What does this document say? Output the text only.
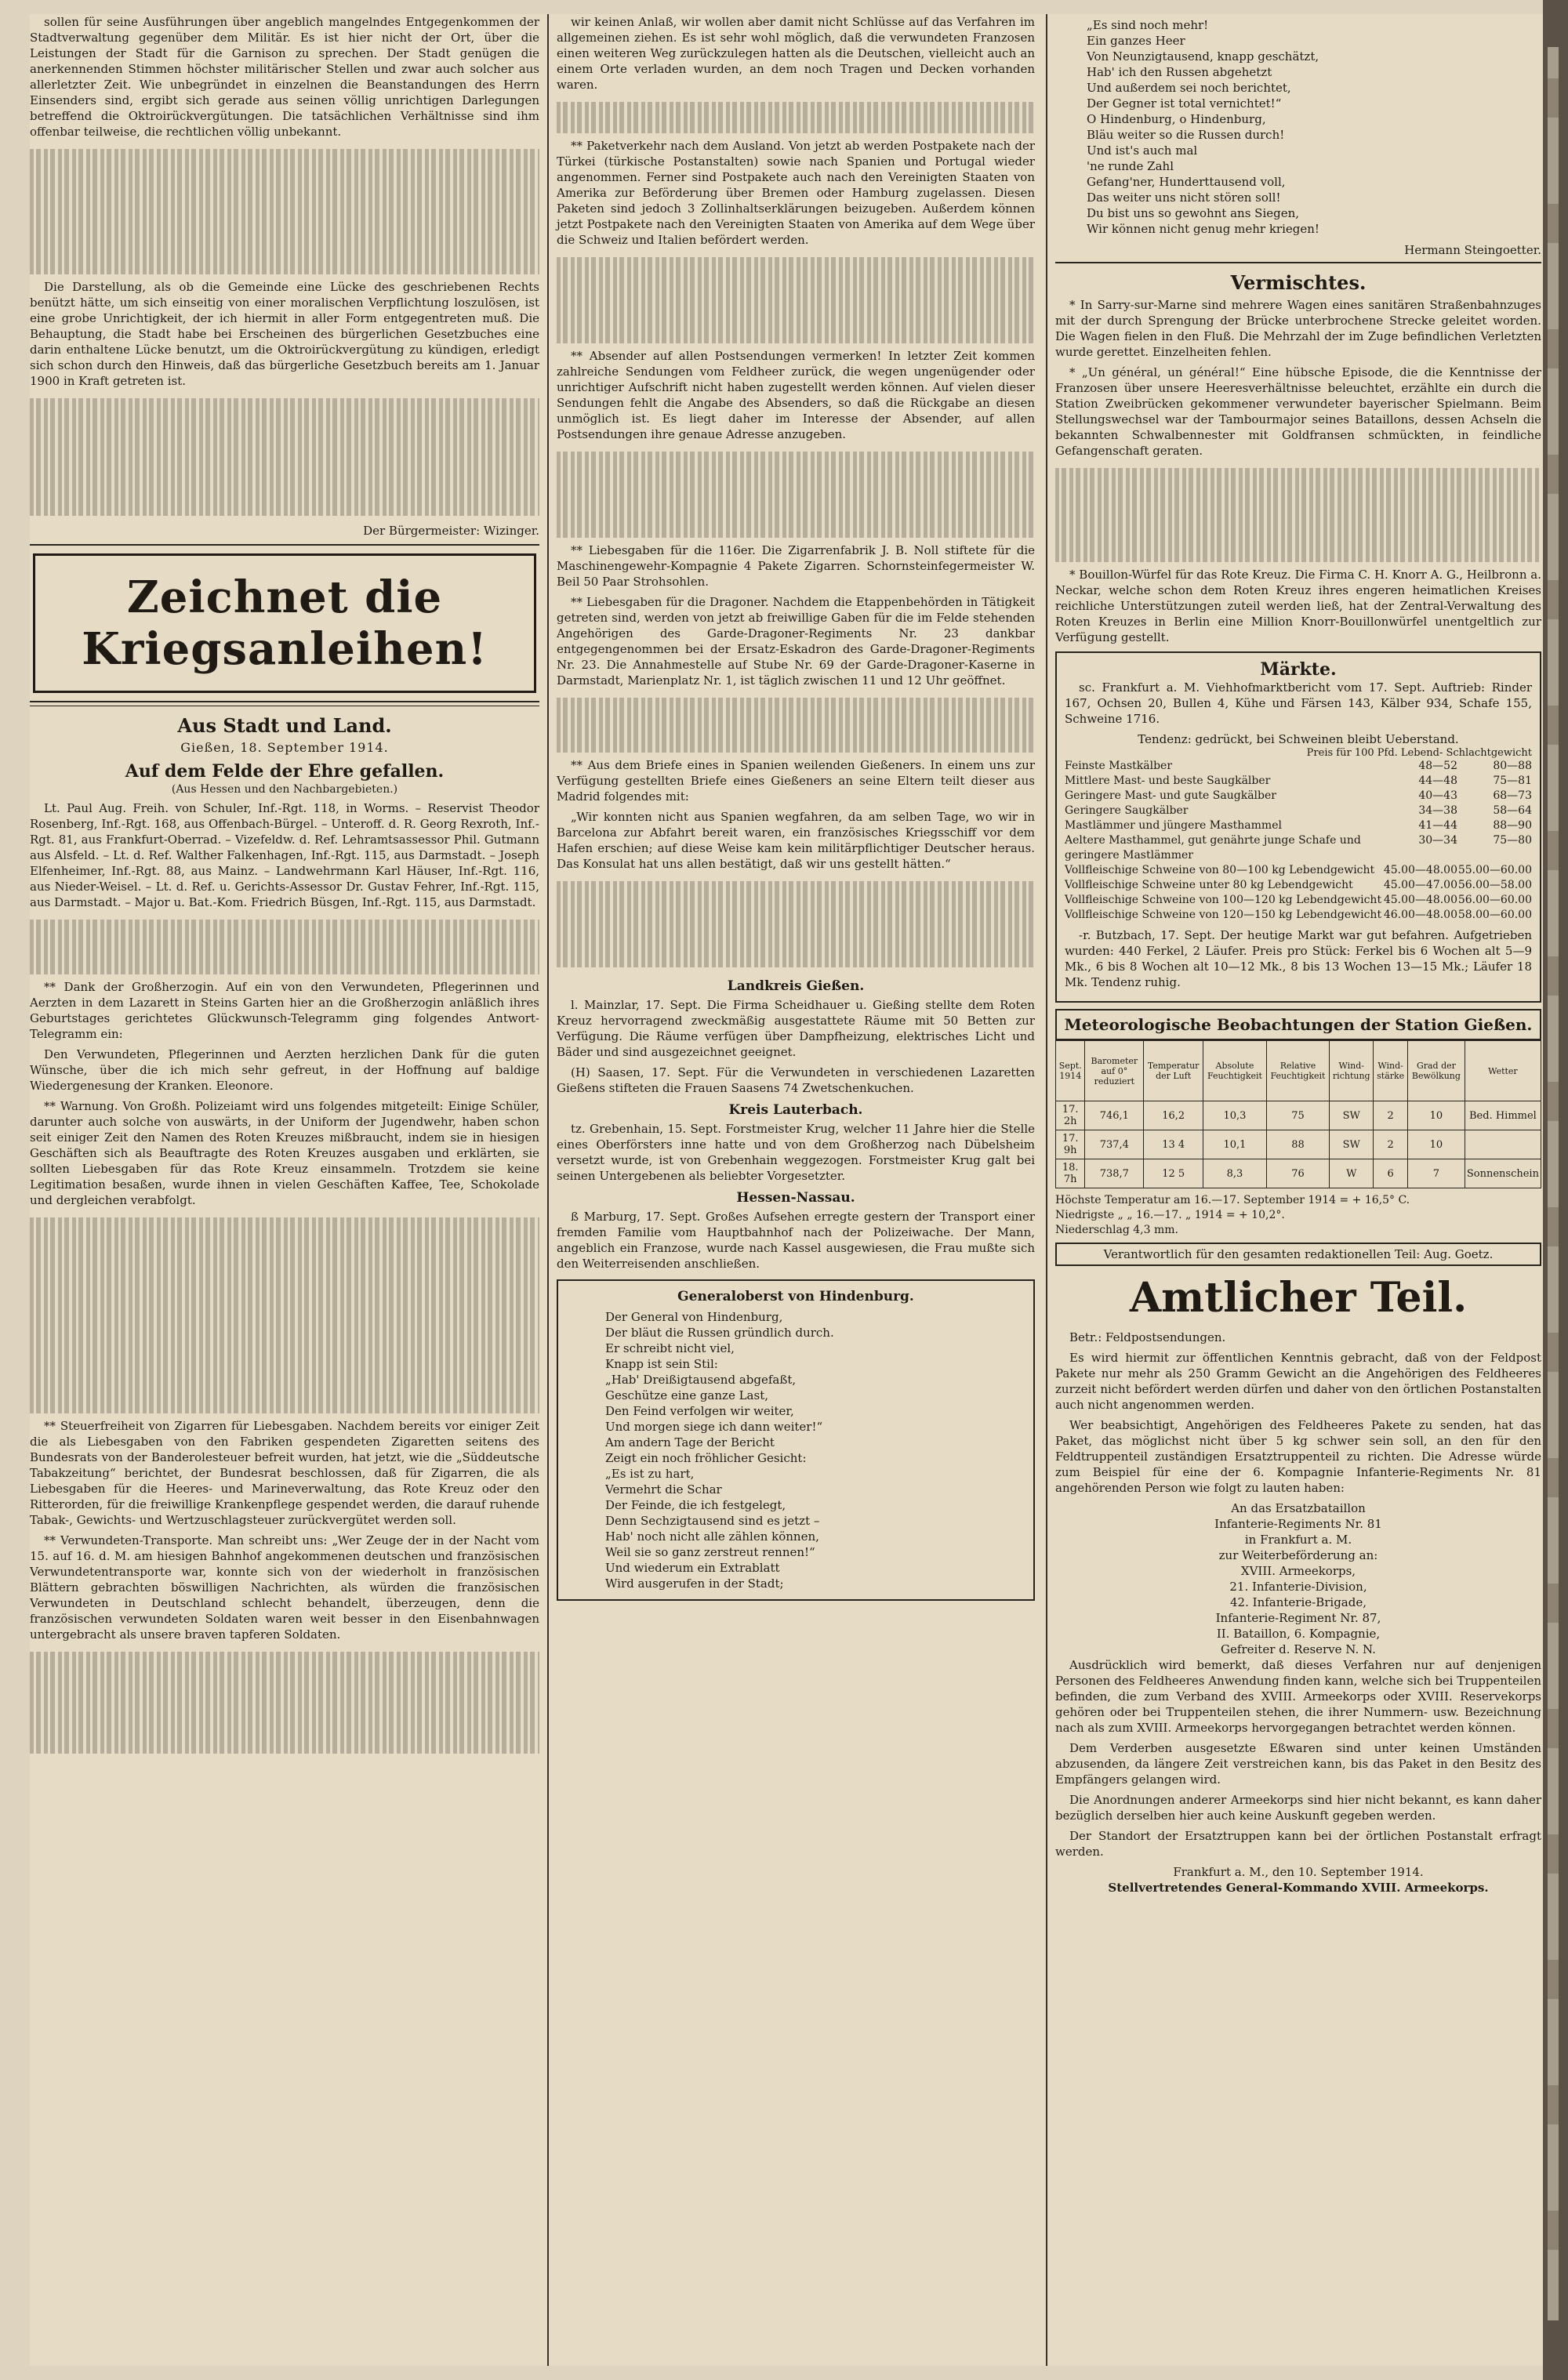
sollen für seine Ausführungen über angeblich mangelndes Entgegenkommen der Stadtverwaltung gegenüber dem Militär. Es ist hier nicht der Ort, über die Leistungen der Stadt für die Garnison zu sprechen. Der Stadt genügen die anerkennenden Stimmen höchster militärischer Stellen und zwar auch solcher aus allerletzter Zeit. Wie unbegründet in einzelnen die Beanstandungen des Herrn Einsenders sind, ergibt sich gerade aus seinen völlig unrichtigen Darlegungen betreffend die Oktroirückvergütungen. Die tatsächlichen Verhältnisse sind ihm offenbar teilweise, die rechtlichen völlig unbekannt.

Die Darstellung, als ob die Gemeinde eine Lücke des geschriebenen Rechts benützt hätte, um sich einseitig von einer moralischen Verpflichtung loszulösen, ist eine grobe Unrichtigkeit, der ich hiermit in aller Form entgegentreten muß. Die Behauptung, die Stadt habe bei Erscheinen des bürgerlichen Gesetzbuches eine darin enthaltene Lücke benutzt, um die Oktroirückvergütung zu kündigen, erledigt sich schon durch den Hinweis, daß das bürgerliche Gesetzbuch bereits am 1. Januar 1900 in Kraft getreten ist.

Der Bürgermeister: Wizinger.
Zeichnet die Kriegsanleihen!
Aus Stadt und Land.
Gießen, 18. September 1914.
Auf dem Felde der Ehre gefallen.
(Aus Hessen und den Nachbargebieten.)

Lt. Paul Aug. Freih. von Schuler, Inf.-Rgt. 118, in Worms. – Reservist Theodor Rosenberg, Inf.-Rgt. 168, aus Offenbach-Bürgel. – Unteroff. d. R. Georg Rexroth, Inf.-Rgt. 81, aus Frankfurt-Oberrad. – Vizefeldw. d. Ref. Lehramtsassessor Phil. Gutmann aus Alsfeld. – Lt. d. Ref. Walther Falkenhagen, Inf.-Rgt. 115, aus Darmstadt. – Joseph Elfenheimer, Inf.-Rgt. 88, aus Mainz. – Landwehrmann Karl Häuser, Inf.-Rgt. 116, aus Nieder-Weisel. – Lt. d. Ref. u. Gerichts-Assessor Dr. Gustav Fehrer, Inf.-Rgt. 115, aus Darmstadt. – Major u. Bat.-Kom. Friedrich Büsgen, Inf.-Rgt. 115, aus Darmstadt.

** Dank der Großherzogin. Auf ein von den Verwundeten, Pflegerinnen und Aerzten in dem Lazarett in Steins Garten hier an die Großherzogin anläßlich ihres Geburtstages gerichtetes Glückwunsch-Telegramm ging folgendes Antwort-Telegramm ein:

Den Verwundeten, Pflegerinnen und Aerzten herzlichen Dank für die guten Wünsche, über die ich mich sehr gefreut, in der Hoffnung auf baldige Wiedergenesung der Kranken. Eleonore.

** Warnung. Von Großh. Polizeiamt wird uns folgendes mitgeteilt: Einige Schüler, darunter auch solche von auswärts, in der Uniform der Jugendwehr, haben schon seit einiger Zeit den Namen des Roten Kreuzes mißbraucht, indem sie in hiesigen Geschäften sich als Beauftragte des Roten Kreuzes ausgaben und erklärten, sie sollten Liebesgaben für das Rote Kreuz einsammeln. Trotzdem sie keine Legitimation besaßen, wurde ihnen in vielen Geschäften Kaffee, Tee, Schokolade und dergleichen verabfolgt.

** Steuerfreiheit von Zigarren für Liebesgaben. Nachdem bereits vor einiger Zeit die als Liebesgaben von den Fabriken gespendeten Zigaretten seitens des Bundesrats von der Banderolesteuer befreit wurden, hat jetzt, wie die „Süddeutsche Tabakzeitung“ berichtet, der Bundesrat beschlossen, daß für Zigarren, die als Liebesgaben für die Heeres- und Marineverwaltung, das Rote Kreuz oder den Ritterorden, für die freiwillige Krankenpflege gespendet werden, die darauf ruhende Tabak-, Gewichts- und Wertzuschlagsteuer zurückvergütet werden soll.

** Verwundeten-Transporte. Man schreibt uns: „Wer Zeuge der in der Nacht vom 15. auf 16. d. M. am hiesigen Bahnhof angekommenen deutschen und französischen Verwundetentransporte war, konnte sich von der wiederholt in französischen Blättern gebrachten böswilligen Nachrichten, als würden die französischen Verwundeten in Deutschland schlecht behandelt, überzeugen, denn die französischen verwundeten Soldaten waren weit besser in den Eisenbahnwagen untergebracht als unsere braven tapferen Soldaten.

wir keinen Anlaß, wir wollen aber damit nicht Schlüsse auf das Verfahren im allgemeinen ziehen. Es ist sehr wohl möglich, daß die verwundeten Franzosen einen weiteren Weg zurückzulegen hatten als die Deutschen, vielleicht auch an einem Orte verladen wurden, an dem noch Tragen und Decken vorhanden waren.

** Paketverkehr nach dem Ausland. Von jetzt ab werden Postpakete nach der Türkei (türkische Postanstalten) sowie nach Spanien und Portugal wieder angenommen. Ferner sind Postpakete auch nach den Vereinigten Staaten von Amerika zur Beförderung über Bremen oder Hamburg zugelassen. Diesen Paketen sind jedoch 3 Zollinhaltserklärungen beizugeben. Außerdem können jetzt Postpakete nach den Vereinigten Staaten von Amerika auf dem Wege über die Schweiz und Italien befördert werden.

** Absender auf allen Postsendungen vermerken! In letzter Zeit kommen zahlreiche Sendungen vom Feldheer zurück, die wegen ungenügender oder unrichtiger Aufschrift nicht haben zugestellt werden können. Auf vielen dieser Sendungen fehlt die Angabe des Absenders, so daß die Rückgabe an diesen unmöglich ist. Es liegt daher im Interesse der Absender, auf allen Postsendungen ihre genaue Adresse anzugeben.

** Liebesgaben für die 116er. Die Zigarrenfabrik J. B. Noll stiftete für die Maschinengewehr-Kompagnie 4 Pakete Zigarren. Schornsteinfegermeister W. Beil 50 Paar Strohsohlen.

** Liebesgaben für die Dragoner. Nachdem die Etappenbehörden in Tätigkeit getreten sind, werden von jetzt ab freiwillige Gaben für die im Felde stehenden Angehörigen des Garde-Dragoner-Regiments Nr. 23 dankbar entgegengenommen bei der Ersatz-Eskadron des Garde-Dragoner-Regiments Nr. 23. Die Annahmestelle auf Stube Nr. 69 der Garde-Dragoner-Kaserne in Darmstadt, Marienplatz Nr. 1, ist täglich zwischen 11 und 12 Uhr geöffnet.

** Aus dem Briefe eines in Spanien weilenden Gießeners. In einem uns zur Verfügung gestellten Briefe eines Gießeners an seine Eltern teilt dieser aus Madrid folgendes mit:

„Wir konnten nicht aus Spanien wegfahren, da am selben Tage, wo wir in Barcelona zur Abfahrt bereit waren, ein französisches Kriegsschiff vor dem Hafen erschien; auf diese Weise kam kein militärpflichtiger Deutscher heraus. Das Konsulat hat uns allen bestätigt, daß wir uns gestellt hätten.“

Landkreis Gießen.

l. Mainzlar, 17. Sept. Die Firma Scheidhauer u. Gießing stellte dem Roten Kreuz hervorragend zweckmäßig ausgestattete Räume mit 50 Betten zur Verfügung. Die Räume verfügen über Dampfheizung, elektrisches Licht und Bäder und sind ausgezeichnet geeignet.

(H) Saasen, 17. Sept. Für die Verwundeten in verschiedenen Lazaretten Gießens stifteten die Frauen Saasens 74 Zwetschenkuchen.

Kreis Lauterbach.

tz. Grebenhain, 15. Sept. Forstmeister Krug, welcher 11 Jahre hier die Stelle eines Oberförsters inne hatte und von dem Großherzog nach Dübelsheim versetzt wurde, ist von Grebenhain weggezogen. Forstmeister Krug galt bei seinen Untergebenen als beliebter Vorgesetzter.

Hessen-Nassau.

ß Marburg, 17. Sept. Großes Aufsehen erregte gestern der Transport einer fremden Familie vom Hauptbahnhof nach der Polizeiwache. Der Mann, angeblich ein Franzose, wurde nach Kassel ausgewiesen, die Frau mußte sich den Weiterreisenden anschließen.

Generaloberst von Hindenburg.
Der General von Hindenburg,
Der bläut die Russen gründlich durch.
Er schreibt nicht viel,
Knapp ist sein Stil:
„Hab' Dreißigtausend abgefaßt,
Geschütze eine ganze Last,
Den Feind verfolgen wir weiter,
Und morgen siege ich dann weiter!“
Am andern Tage der Bericht
Zeigt ein noch fröhlicher Gesicht:
„Es ist zu hart,
Vermehrt die Schar
Der Feinde, die ich festgelegt,
Denn Sechzigtausend sind es jetzt –
Hab' noch nicht alle zählen können,
Weil sie so ganz zerstreut rennen!“
Und wiederum ein Extrablatt
Wird ausgerufen in der Stadt;
„Es sind noch mehr!
Ein ganzes Heer
Von Neunzigtausend, knapp geschätzt,
Hab' ich den Russen abgehetzt
Und außerdem sei noch berichtet,
Der Gegner ist total vernichtet!“
O Hindenburg, o Hindenburg,
Bläu weiter so die Russen durch!
Und ist's auch mal
'ne runde Zahl
Gefang'ner, Hunderttausend voll,
Das weiter uns nicht stören soll!
Du bist uns so gewohnt ans Siegen,
Wir können nicht genug mehr kriegen!
Hermann Steingoetter.
Vermischtes.

* In Sarry-sur-Marne sind mehrere Wagen eines sanitären Straßenbahnzuges mit der durch Sprengung der Brücke unterbrochene Strecke geleitet worden. Die Wagen fielen in den Fluß. Die Mehrzahl der im Zuge befindlichen Verletzten wurde gerettet. Einzelheiten fehlen.

* „Un général, un général!“ Eine hübsche Episode, die die Kenntnisse der Franzosen über unsere Heeresverhältnisse beleuchtet, erzählte ein durch die Station Zweibrücken gekommener verwundeter bayerischer Spielmann. Beim Stellungswechsel war der Tambourmajor seines Bataillons, dessen Achseln die bekannten Schwalbennester mit Goldfransen schmückten, in feindliche Gefangenschaft geraten.

* Bouillon-Würfel für das Rote Kreuz. Die Firma C. H. Knorr A. G., Heilbronn a. Neckar, welche schon dem Roten Kreuz ihres engeren heimatlichen Kreises reichliche Unterstützungen zuteil werden ließ, hat der Zentral-Verwaltung des Roten Kreuzes in Berlin eine Million Knorr-Bouillonwürfel unentgeltlich zur Verfügung gestellt.

Märkte.

sc. Frankfurt a. M. Viehhofmarktbericht vom 17. Sept. Auftrieb: Rinder 167, Ochsen 20, Bullen 4, Kühe und Färsen 143, Kälber 934, Schafe 155, Schweine 1716.

Tendenz: gedrückt, bei Schweinen bleibt Ueberstand.
Preis für 100 Pfd. Lebend- Schlachtgewicht
Feinste Mastkälber	48—52	80—88
Mittlere Mast- und beste Saugkälber	44—48	75—81
Geringere Mast- und gute Saugkälber	40—43	68—73
Geringere Saugkälber	34—38	58—64
Mastlämmer und jüngere Masthammel	41—44	88—90
Aeltere Masthammel, gut genährte junge Schafe und geringere Mastlämmer
30—34	75—80
Vollfleischige Schweine von 80—100 kg Lebendgewicht 45.00—48.00 55.00—60.00
Vollfleischige Schweine unter 80 kg Lebendgewicht	45.00—47.00 56.00—58.00
Vollfleischige Schweine von 100—120 kg Lebendgewicht 45.00—48.00 56.00—60.00
Vollfleischige Schweine von 120—150 kg Lebendgewicht 46.00—48.00 58.00—60.00

-r. Butzbach, 17. Sept. Der heutige Markt war gut befahren. Aufgetrieben wurden: 440 Ferkel, 2 Läufer. Preis pro Stück: Ferkel bis 6 Wochen alt 5—9 Mk., 6 bis 8 Wochen alt 10—12 Mk., 8 bis 13 Wochen 13—15 Mk.; Läufer 18 Mk. Tendenz ruhig.

Meteorologische Beobachtungen der Station Gießen.
Sept. 1914	Barometer auf 0° reduziert	Temperatur der Luft	Absolute Feuchtigkeit	Relative Feuchtigkeit	Wind-richtung	Wind-stärke	Grad der Bewölkung	Wetter
17. 2h	746,1	16,2	10,3	75	SW	2	10	Bed. Himmel
17. 9h	737,4	13 4	10,1	88	SW	2	10	
18. 7h	738,7	12 5	8,3	76	W	6	7	Sonnenschein
Höchste Temperatur am 16.—17. September 1914 = + 16,5° C.
Niedrigste „ „ 16.—17. „ 1914 = + 10,2°.
Niederschlag 4,3 mm.
Verantwortlich für den gesamten redaktionellen Teil: Aug. Goetz.
Amtlicher Teil.

Betr.: Feldpostsendungen.

Es wird hiermit zur öffentlichen Kenntnis gebracht, daß von der Feldpost Pakete nur mehr als 250 Gramm Gewicht an die Angehörigen des Feldheeres zurzeit nicht befördert werden dürfen und daher von den örtlichen Postanstalten auch nicht angenommen werden.

Wer beabsichtigt, Angehörigen des Feldheeres Pakete zu senden, hat das Paket, das möglichst nicht über 5 kg schwer sein soll, an den für den Feldtruppenteil zuständigen Ersatztruppenteil zu richten. Die Adresse würde zum Beispiel für eine der 6. Kompagnie Infanterie-Regiments Nr. 81 angehörenden Person wie folgt zu lauten haben:

An das Ersatzbataillon
Infanterie-Regiments Nr. 81
in Frankfurt a. M.
zur Weiterbeförderung an:
XVIII. Armeekorps,
21. Infanterie-Division,
42. Infanterie-Brigade,
Infanterie-Regiment Nr. 87,
II. Bataillon, 6. Kompagnie,
Gefreiter d. Reserve N. N.

Ausdrücklich wird bemerkt, daß dieses Verfahren nur auf denjenigen Personen des Feldheeres Anwendung finden kann, welche sich bei Truppenteilen befinden, die zum Verband des XVIII. Armeekorps oder XVIII. Reservekorps gehören oder bei Truppenteilen stehen, die ihrer Nummern- usw. Bezeichnung nach als zum XVIII. Armeekorps hervorgegangen betrachtet werden können.

Dem Verderben ausgesetzte Eßwaren sind unter keinen Umständen abzusenden, da längere Zeit verstreichen kann, bis das Paket in den Besitz des Empfängers gelangen wird.

Die Anordnungen anderer Armeekorps sind hier nicht bekannt, es kann daher bezüglich derselben hier auch keine Auskunft gegeben werden.

Der Standort der Ersatztruppen kann bei der örtlichen Postanstalt erfragt werden.

Frankfurt a. M., den 10. September 1914.
Stellvertretendes General-Kommando XVIII. Armeekorps.
